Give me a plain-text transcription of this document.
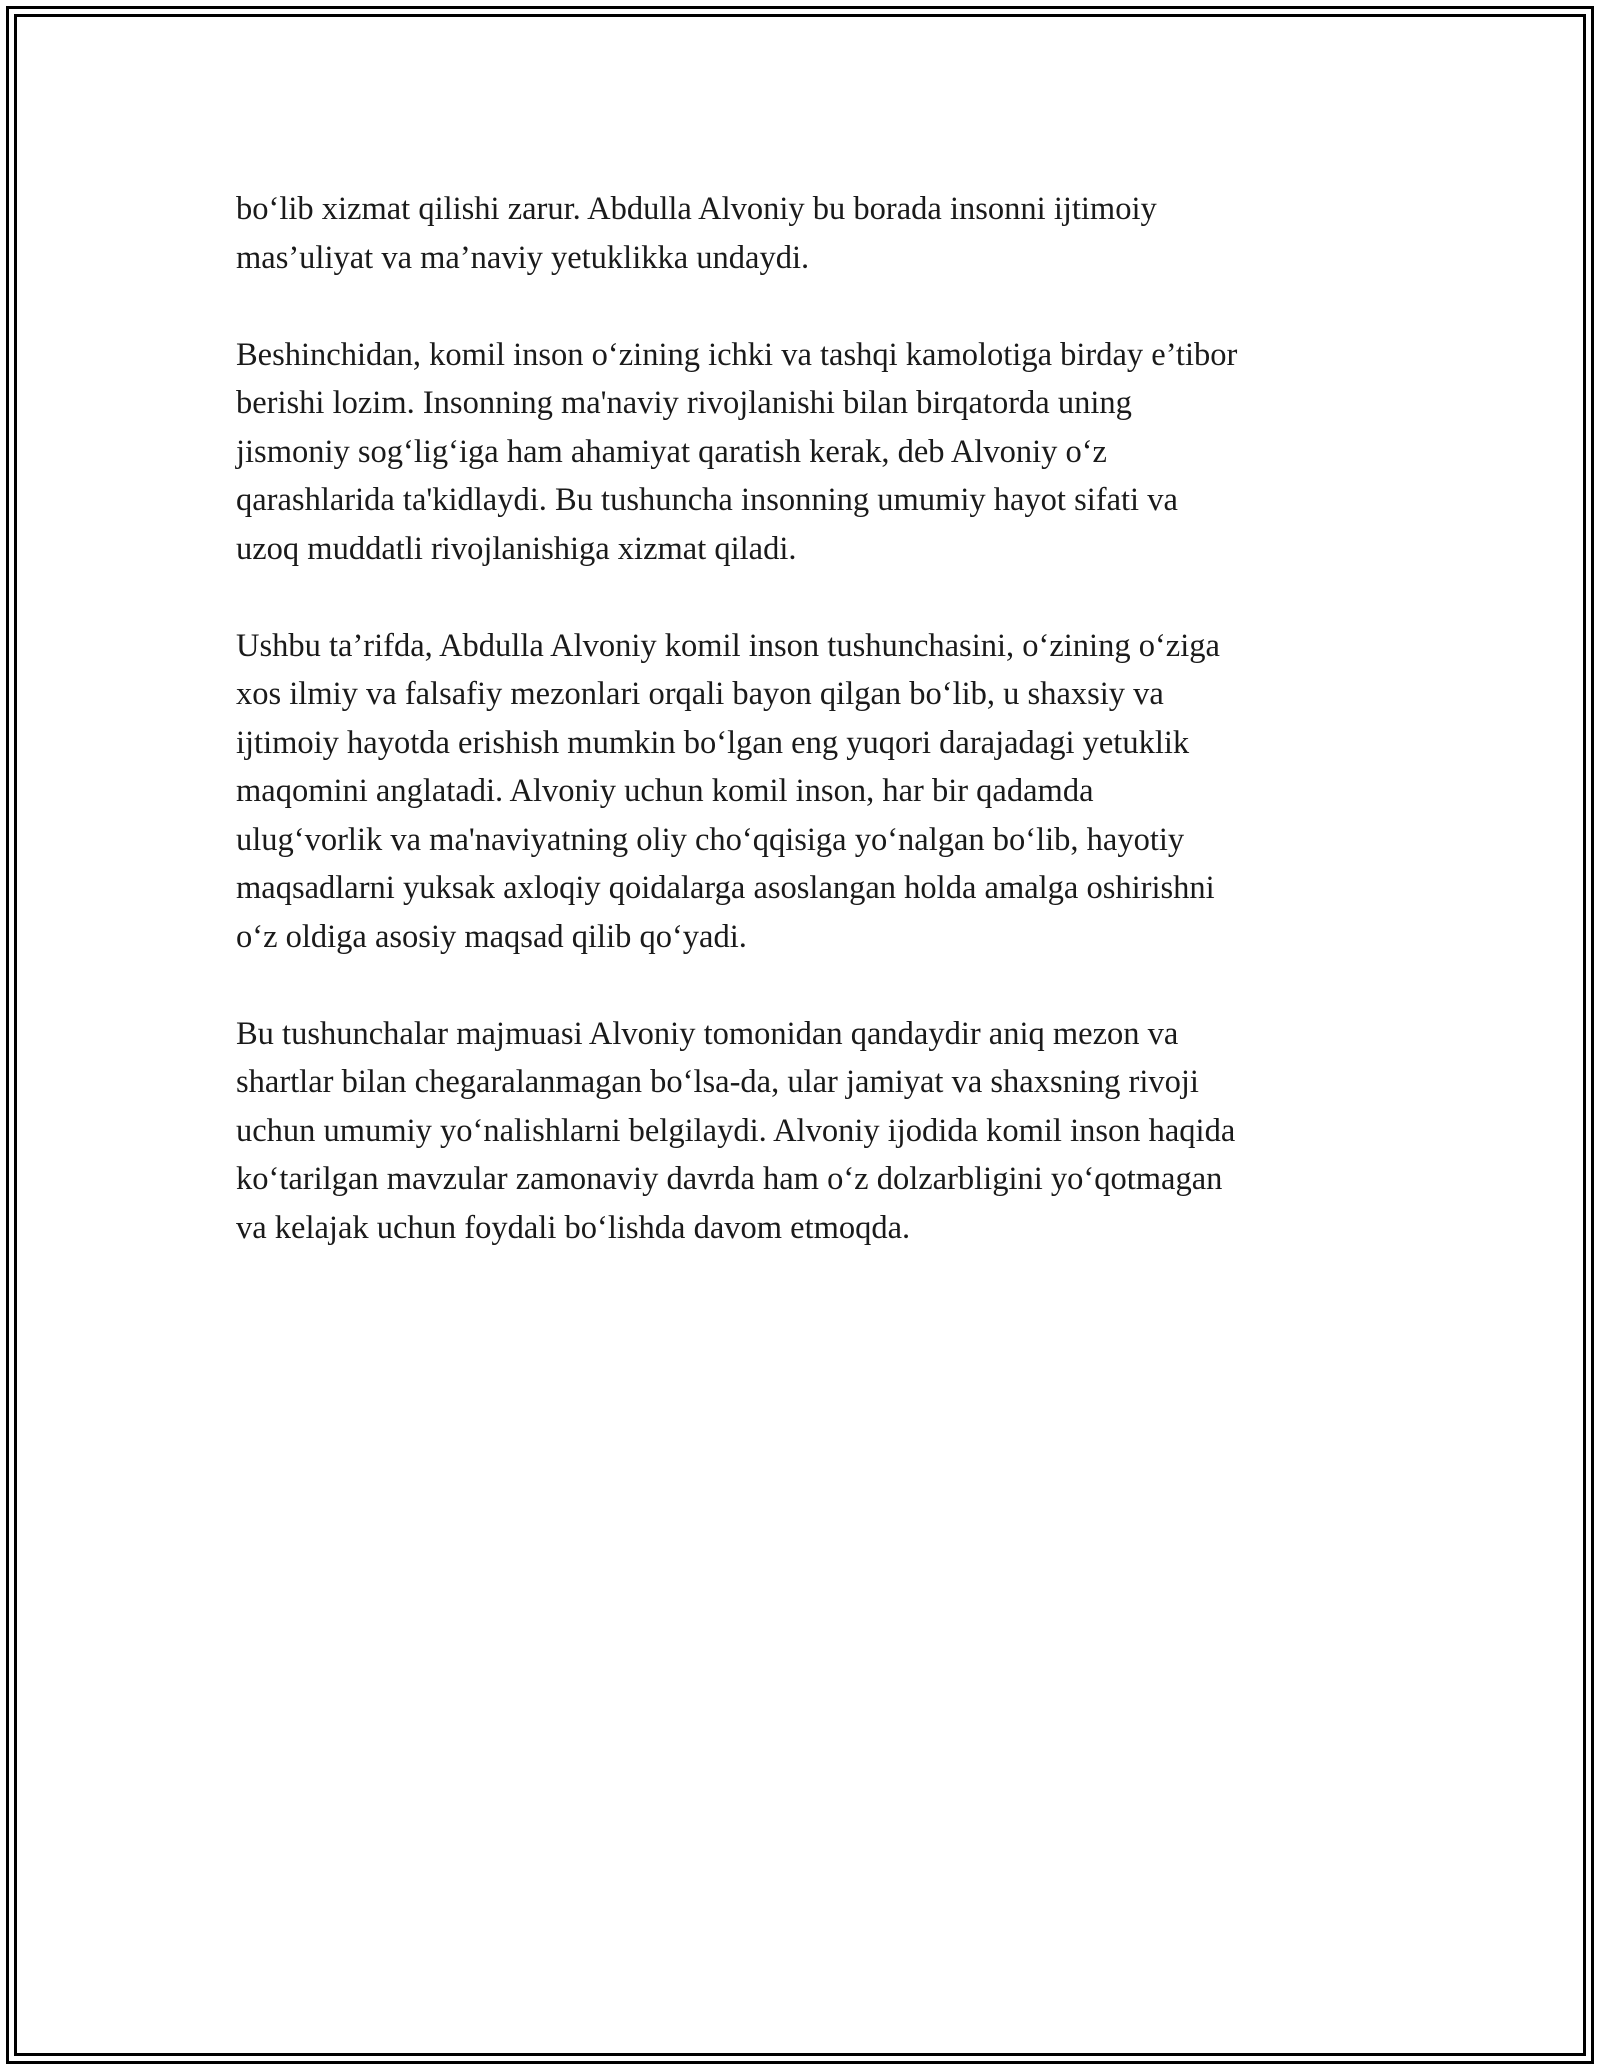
bo‘lib xizmat qilishi zarur. Abdulla Alvoniy bu borada insonni ijtimoiy
mas’uliyat va ma’naviy yetuklikka undaydi.

Beshinchidan, komil inson o‘zining ichki va tashqi kamolotiga birday e’tibor
berishi lozim. Insonning ma'naviy rivojlanishi bilan birqatorda uning
jismoniy sog‘lig‘iga ham ahamiyat qaratish kerak, deb Alvoniy o‘z
qarashlarida ta'kidlaydi. Bu tushuncha insonning umumiy hayot sifati va
uzoq muddatli rivojlanishiga xizmat qiladi.

Ushbu ta’rifda, Abdulla Alvoniy komil inson tushunchasini, o‘zining o‘ziga
xos ilmiy va falsafiy mezonlari orqali bayon qilgan bo‘lib, u shaxsiy va
ijtimoiy hayotda erishish mumkin bo‘lgan eng yuqori darajadagi yetuklik
maqomini anglatadi. Alvoniy uchun komil inson, har bir qadamda
ulug‘vorlik va ma'naviyatning oliy cho‘qqisiga yo‘nalgan bo‘lib, hayotiy
maqsadlarni yuksak axloqiy qoidalarga asoslangan holda amalga oshirishni
o‘z oldiga asosiy maqsad qilib qo‘yadi.

Bu tushunchalar majmuasi Alvoniy tomonidan qandaydir aniq mezon va
shartlar bilan chegaralanmagan bo‘lsa-da, ular jamiyat va shaxsning rivoji
uchun umumiy yo‘nalishlarni belgilaydi. Alvoniy ijodida komil inson haqida
ko‘tarilgan mavzular zamonaviy davrda ham o‘z dolzarbligini yo‘qotmagan
va kelajak uchun foydali bo‘lishda davom etmoqda.
